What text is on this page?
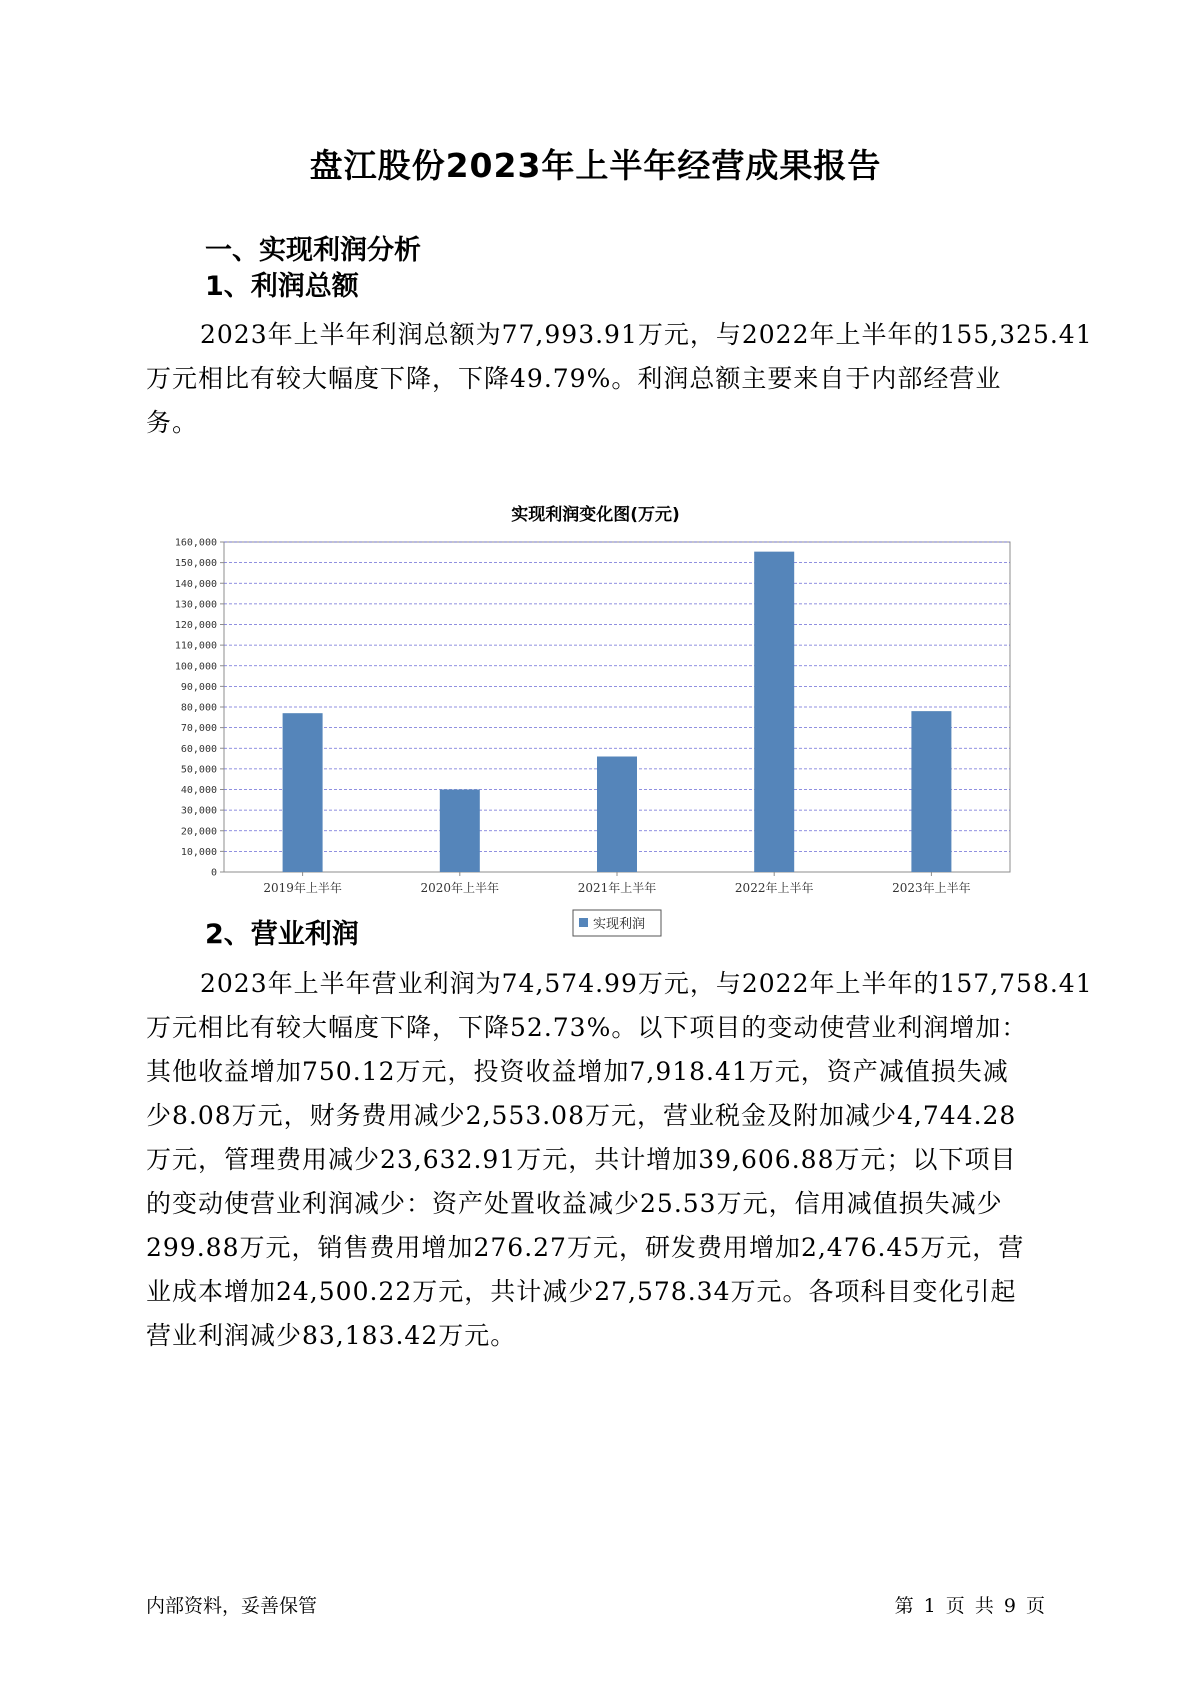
盘江股份2023年上半年经营成果报告
一、实现利润分析
1、利润总额
2023年上半年利润总额为77,993.91万元，与2022年上半年的155,325.41
万元相比有较大幅度下降，下降49.79%。利润总额主要来自于内部经营业
务。
实现利润变化图(万元)
0
10,000
20,000
30,000
40,000
50,000
60,000
70,000
80,000
90,000
100,000
110,000
120,000
130,000
140,000
150,000
160,000
2019年上半年	2020年上半年	2021年上半年	2022年上半年	2023年上半年
实现利润
2、营业利润
2023年上半年营业利润为74,574.99万元，与2022年上半年的157,758.41
万元相比有较大幅度下降，下降52.73%。以下项目的变动使营业利润增加：
其他收益增加750.12万元，投资收益增加7,918.41万元，资产减值损失减
少8.08万元，财务费用减少2,553.08万元，营业税金及附加减少4,744.28
万元，管理费用减少23,632.91万元，共计增加39,606.88万元；以下项目
的变动使营业利润减少：资产处置收益减少25.53万元，信用减值损失减少
299.88万元，销售费用增加276.27万元，研发费用增加2,476.45万元，营
业成本增加24,500.22万元，共计减少27,578.34万元。各项科目变化引起
营业利润减少83,183.42万元。
内部资料，妥善保管	第 1 页 共 9 页
